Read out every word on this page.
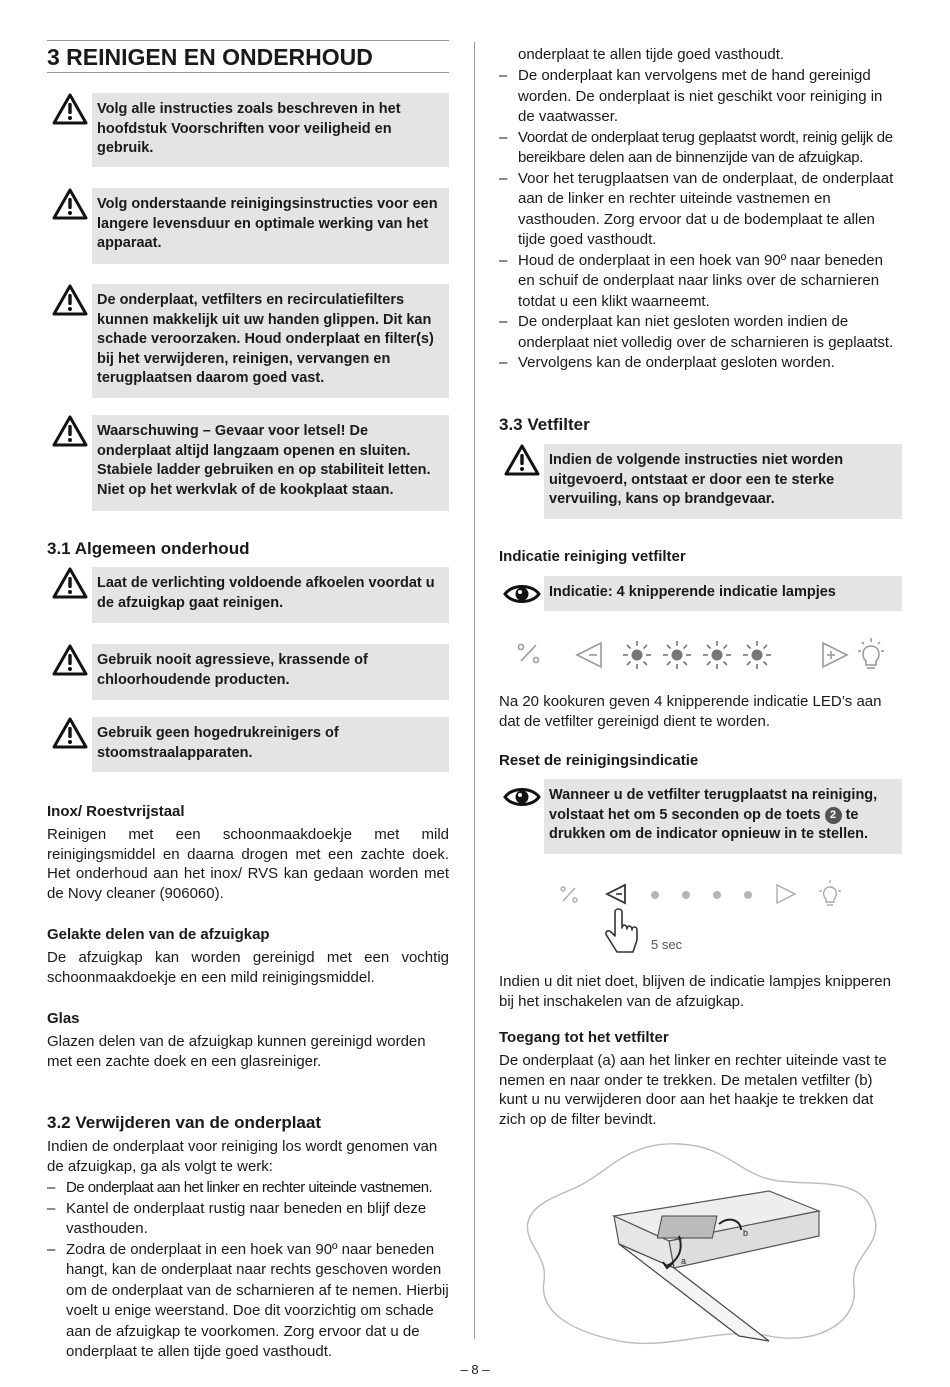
3 REINIGEN EN ONDERHOUD
Volg alle instructies zoals beschreven in het hoofdstuk Voorschriften voor veiligheid en gebruik.
Volg onderstaande reinigingsinstructies voor een langere levensduur en optimale werking van het apparaat.
De onderplaat, vetfilters en recirculatiefilters kunnen makkelijk uit uw handen glippen. Dit kan schade veroorzaken. Houd onderplaat en filter(s) bij het verwijderen, reinigen, vervangen en terugplaatsen daarom goed vast.
Waarschuwing – Gevaar voor letsel! De onderplaat altijd langzaam openen en sluiten. Stabiele ladder gebruiken en op stabiliteit letten. Niet op het werkvlak of de kookplaat staan.
3.1 Algemeen onderhoud
Laat de verlichting voldoende afkoelen voordat u de afzuigkap gaat reinigen.
Gebruik nooit agressieve, krassende of chloorhoudende producten.
Gebruik geen hogedrukreinigers of stoomstraalapparaten.
Inox/ Roestvrijstaal

Reinigen met een schoonmaakdoekje met mild reinigingsmiddel en daarna drogen met een zachte doek. Het onderhoud aan het inox/ RVS kan gedaan worden met de Novy cleaner (906060).

Gelakte delen van de afzuigkap

De afzuigkap kan worden gereinigd met een vochtig schoonmaakdoekje en een mild reinigingsmiddel.

Glas

Glazen delen van de afzuigkap kunnen gereinigd worden met een zachte doek en een glasreiniger.

3.2 Verwijderen van de onderplaat

Indien de onderplaat voor reiniging los wordt genomen van de afzuigkap, ga als volgt te werk:

– De onderplaat aan het linker en rechter uiteinde vastnemen.
– Kantel de onderplaat rustig naar beneden en blijf deze vasthouden.
– Zodra de onderplaat in een hoek van 90º naar beneden hangt, kan de onderplaat naar rechts geschoven worden om de onderplaat van de scharnieren af te nemen. Hierbij voelt u enige weerstand. Doe dit voorzichtig om schade aan de afzuigkap te voorkomen. Zorg ervoor dat u de onderplaat te allen tijde goed vasthoudt.
onderplaat te allen tijde goed vasthoudt.
– De onderplaat kan vervolgens met de hand gereinigd worden. De onderplaat is niet geschikt voor reiniging in de vaatwasser.
– Voordat de onderplaat terug geplaatst wordt, reinig gelijk de bereikbare delen aan de binnenzijde van de afzuigkap.
– Voor het terugplaatsen van de onderplaat, de onderplaat aan de linker en rechter uiteinde vastnemen en vasthouden. Zorg ervoor dat u de bodemplaat te allen tijde goed vasthoudt.
– Houd de onderplaat in een hoek van 90º naar beneden en schuif de onderplaat naar links over de scharnieren totdat u een klikt waarneemt.
– De onderplaat kan niet gesloten worden indien de onderplaat niet volledig over de scharnieren is geplaatst.
– Vervolgens kan de onderplaat gesloten worden.
3.3 Vetfilter
Indien de volgende instructies niet worden uitgevoerd, ontstaat er door een te sterke vervuiling, kans op brandgevaar.
Indicatie reiniging vetfilter
Indicatie: 4 knipperende indicatie lampjes

Na 20 kookuren geven 4 knipperende indicatie LED’s aan dat de vetfilter gereinigd dient te worden.

Reset de reinigingsindicatie
Wanneer u de vetfilter terugplaatst na reiniging, volstaat het om 5 seconden op de toets 2 te drukken om de indicator opnieuw in te stellen.
5 sec

Indien u dit niet doet, blijven de indicatie lampjes knipperen bij het inschakelen van de afzuigkap.

Toegang tot het vetfilter

De onderplaat (a) aan het linker en rechter uiteinde vast te nemen en naar onder te trekken. De metalen vetfilter (b) kunt u nu verwijderen door aan het haakje te trekken dat zich op de filter bevindt.

a
b
– 8 –
